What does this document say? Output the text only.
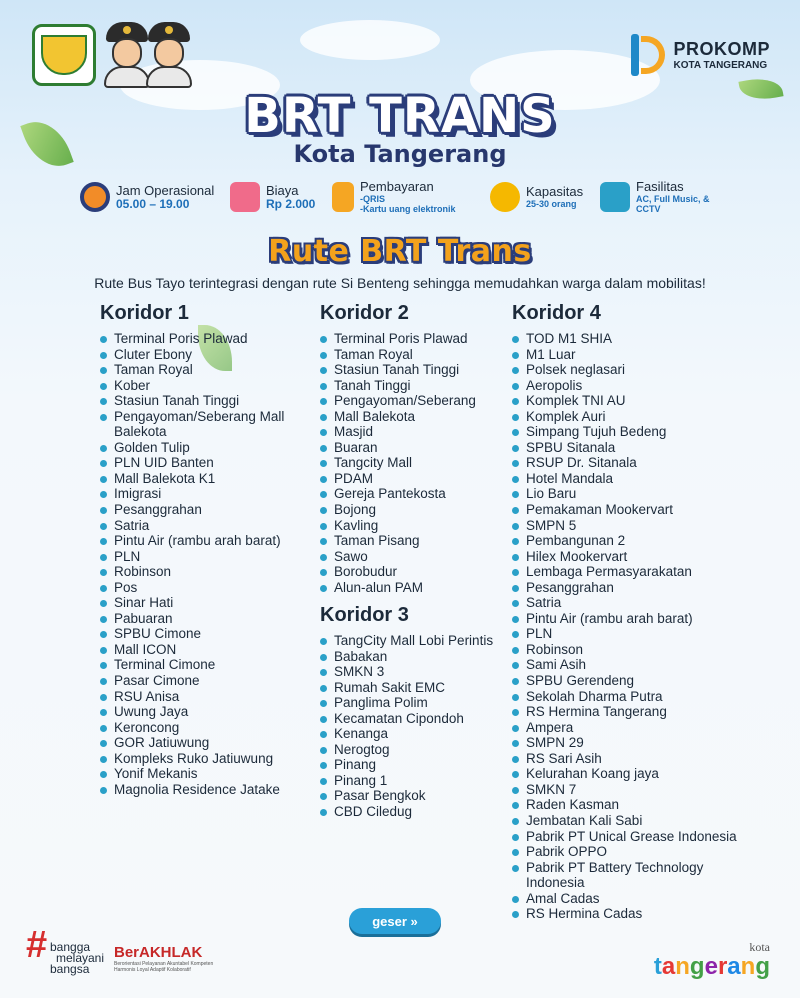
PROKOMP
KOTA TANGERANG
BRT TRANS
Kota Tangerang
Jam Operasional
05.00 – 19.00
Biaya
Rp 2.000
Pembayaran
-QRIS
-Kartu uang elektronik
Kapasitas
25-30 orang
Fasilitas
AC, Full Music, & CCTV
Rute BRT Trans
Rute Bus Tayo terintegrasi dengan rute Si Benteng sehingga memudahkan warga dalam mobilitas!
Koridor 1
Terminal Poris Plawad
Cluter Ebony
Taman Royal
Kober
Stasiun Tanah Tinggi
Pengayoman/Seberang Mall Balekota
Golden Tulip
PLN UID Banten
Mall Balekota K1
Imigrasi
Pesanggrahan
Satria
Pintu Air (rambu arah barat)
PLN
Robinson
Pos
Sinar Hati
Pabuaran
SPBU Cimone
Mall ICON
Terminal Cimone
Pasar Cimone
RSU Anisa
Uwung Jaya
Keroncong
GOR Jatiuwung
Kompleks Ruko Jatiuwung
Yonif Mekanis
Magnolia Residence Jatake
Koridor 2
Terminal Poris Plawad
Taman Royal
Stasiun Tanah Tinggi
Tanah Tinggi
Pengayoman/Seberang
Mall Balekota
Masjid
Buaran
Tangcity Mall
PDAM
Gereja Pantekosta
Bojong
Kavling
Taman Pisang
Sawo
Borobudur
Alun-alun PAM
Koridor 3
TangCity Mall Lobi Perintis
Babakan
SMKN 3
Rumah Sakit EMC
Panglima Polim
Kecamatan Cipondoh
Kenanga
Nerogtog
Pinang
Pinang 1
Pasar Bengkok
CBD Ciledug
Koridor 4
TOD M1 SHIA
M1 Luar
Polsek neglasari
Aeropolis
Komplek TNI AU
Komplek Auri
Simpang Tujuh Bedeng
SPBU Sitanala
RSUP Dr. Sitanala
Hotel Mandala
Lio Baru
Pemakaman Mookervart
SMPN 5
Pembangunan 2
Hilex Mookervart
Lembaga Permasyarakatan
Pesanggrahan
Satria
Pintu Air (rambu arah barat)
PLN
Robinson
Sami Asih
SPBU Gerendeng
Sekolah Dharma Putra
RS Hermina Tangerang
Ampera
SMPN 29
RS Sari Asih
Kelurahan Koang jaya
SMKN 7
Raden Kasman
Jembatan Kali Sabi
Pabrik PT Unical Grease Indonesia
Pabrik OPPO
Pabrik PT Battery Technology Indonesia
Amal Cadas
RS Hermina Cadas
geser »
# bangga
melayani
bangsa
BerAKHLAK
Berorientasi Pelayanan Akuntabel Kompeten Harmonis Loyal Adaptif Kolaboratif
kota
tangerang
